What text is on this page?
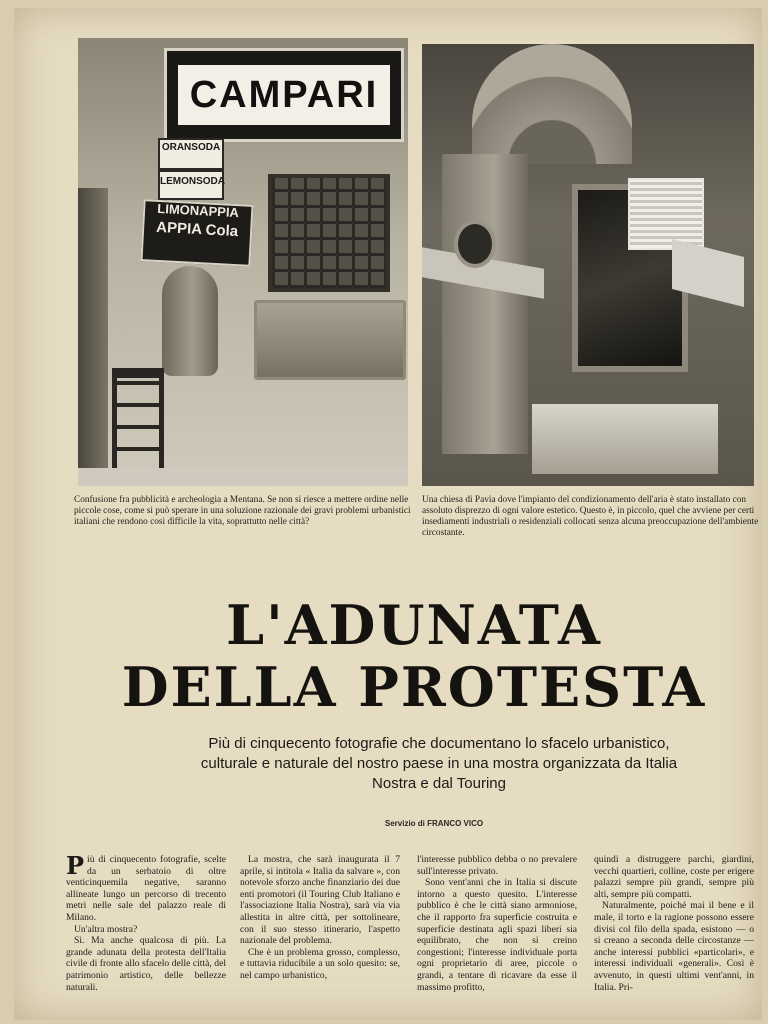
CAMPARI
ORANSODA
LEMONSODA
LIMONAPPIA
APPIA Cola
Confusione fra pubblicità e archeologia a Mentana. Se non si riesce a mettere ordine nelle piccole cose, come si può sperare in una soluzione razionale dei gravi problemi urbanistici italiani che rendono così difficile la vita, soprattutto nelle città?
Una chiesa di Pavia dove l'impianto del condizionamento dell'aria è stato installato con assoluto disprezzo di ogni valore estetico. Questo è, in piccolo, quel che avviene per certi insediamenti industriali o residenziali collocati senza alcuna preoccupazione dell'ambiente circostante.
L'ADUNATA
DELLA PROTESTA
Più di cinquecento fotografie che documentano lo sfacelo urbanistico, culturale e naturale del nostro paese in una mostra organizzata da Italia Nostra e dal Touring
Servizio di FRANCO VICO

Più di cinquecento fotografie, scelte da un serbatoio di oltre venticinquemila negative, saranno allineate lungo un percorso di trecento metri nelle sale del palazzo reale di Milano.

Un'altra mostra?

Sì. Ma anche qualcosa di più. La grande adunata della protesta dell'Italia civile di fronte allo sfacelo delle città, del patrimonio artistico, delle bellezze naturali.

La mostra, che sarà inaugurata il 7 aprile, si intitola « Italia da salvare », con notevole sforzo anche finanziario dei due enti promotori (il Touring Club Italiano e l'associazione Italia Nostra), sarà via via allestita in altre città, per sottolineare, con il suo stesso itinerario, l'aspetto nazionale del problema.

Che è un problema grosso, complesso, e tuttavia riducibile a un solo quesito: se, nel campo urbanistico,

l'interesse pubblico debba o no prevalere sull'interesse privato.

Sono vent'anni che in Italia si discute intorno a questo quesito. L'interesse pubblico è che le città siano armoniose, che il rapporto fra superficie costruita e superficie destinata agli spazi liberi sia equilibrato, che non si creino congestioni; l'interesse individuale porta ogni proprietario di aree, piccole o grandi, a tentare di ricavare da esse il massimo profitto,

quindi a distruggere parchi, giardini, vecchi quartieri, colline, coste per erigere palazzi sempre più grandi, sempre più alti, sempre più compatti.

Naturalmente, poiché mai il bene e il male, il torto e la ragione possono essere divisi col filo della spada, esistono — o si creano a seconda delle circostanze — anche interessi pubblici «particolari», e interessi individuali «generali». Così è avvenuto, in questi ultimi vent'anni, in Italia. Pri-
